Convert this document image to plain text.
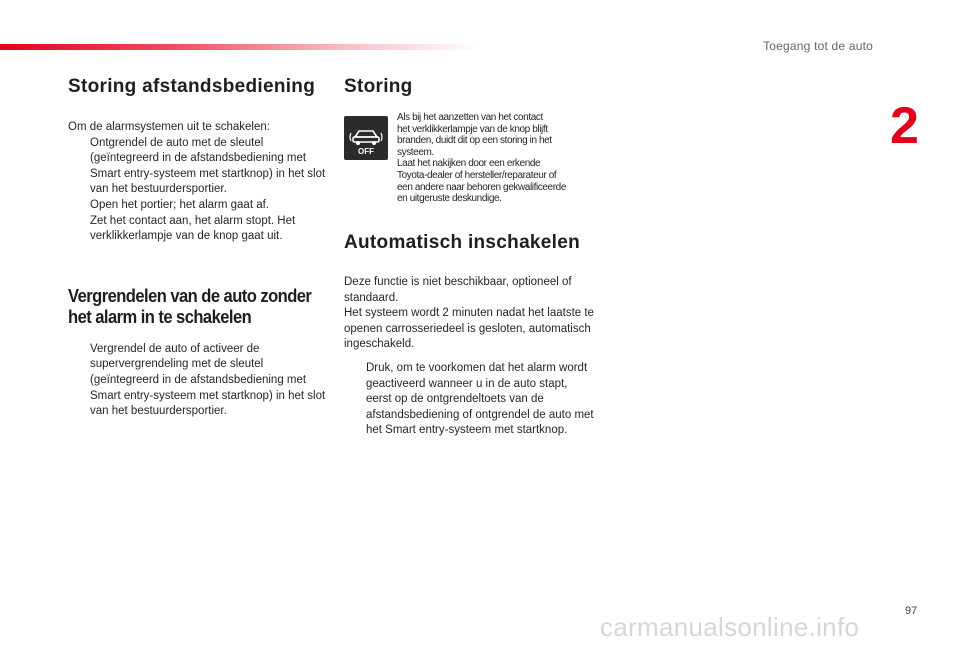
Toegang tot de auto
2
Storing afstandsbediening

Om de alarmsystemen uit te schakelen:

Ontgrendel de auto met de sleutel (geïntegreerd in de afstandsbediening met Smart entry-systeem met startknop) in het slot van het bestuurdersportier.
Open het portier; het alarm gaat af.
Zet het contact aan, het alarm stopt. Het verklikkerlampje van de knop gaat uit.
Vergrendelen van de auto zonder
het alarm in te schakelen
Vergrendel de auto of activeer de supervergrendeling met de sleutel (geïntegreerd in de afstandsbediening met Smart entry-systeem met startknop) in het slot van het bestuurdersportier.
Storing
OFF
Als bij het aanzetten van het contact
het verklikkerlampje van de knop blijft
branden, duidt dit op een storing in het
systeem.
Laat het nakijken door een erkende
Toyota-dealer of hersteller/reparateur of
een andere naar behoren gekwalificeerde
en uitgeruste deskundige.
Automatisch inschakelen

Deze functie is niet beschikbaar, optioneel of standaard.

Het systeem wordt 2 minuten nadat het laatste te openen carrosseriedeel is gesloten, automatisch ingeschakeld.

Druk, om te voorkomen dat het alarm wordt geactiveerd wanneer u in de auto stapt, eerst op de ontgrendeltoets van de afstandsbediening of ontgrendel de auto met het Smart entry-systeem met startknop.
97
carmanualsonline.info
